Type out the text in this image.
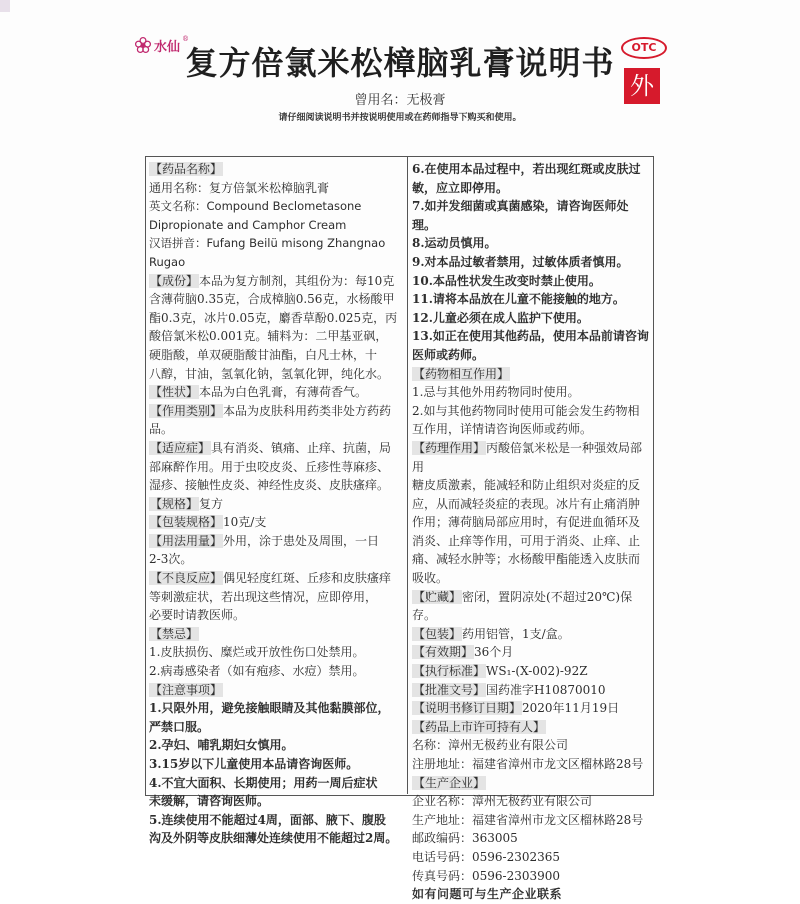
水仙
®
复方倍氯米松樟脑乳膏说明书	OTC
外
曾用名：无极膏
请仔细阅读说明书并按说明使用或在药师指导下购买和使用。

【药品名称】

通用名称：复方倍氯米松樟脑乳膏

英文名称：Compound Beclometasone

Dipropionate and Camphor Cream

汉语拼音：Fufang Beilü misong Zhangnao

Rugao

【成份】本品为复方制剂，其组份为：每10克

含薄荷脑0.35克，合成樟脑0.56克，水杨酸甲

酯0.3克，冰片0.05克，麝香草酚0.025克，丙

酸倍氯米松0.001克。辅料为：二甲基亚砜，

硬脂酸，单双硬脂酸甘油酯，白凡士林，十

八醇，甘油，氢氧化钠，氢氧化钾，纯化水。

【性状】本品为白色乳膏，有薄荷香气。

【作用类别】本品为皮肤科用药类非处方药药品。

【适应症】具有消炎、镇痛、止痒、抗菌，局

部麻醉作用。用于虫咬皮炎、丘疹性荨麻疹、

湿疹、接触性皮炎、神经性皮炎、皮肤瘙痒。

【规格】复方

【包装规格】10克/支

【用法用量】外用，涂于患处及周围，一日

2-3次。

【不良反应】偶见轻度红斑、丘疹和皮肤瘙痒

等刺激症状，若出现这些情况，应即停用，

必要时请教医师。

【禁忌】

1.皮肤损伤、糜烂或开放性伤口处禁用。

2.病毒感染者（如有疱疹、水痘）禁用。

【注意事项】

1.只限外用，避免接触眼睛及其他黏膜部位，

严禁口服。

2.孕妇、哺乳期妇女慎用。

3.15岁以下儿童使用本品请咨询医师。

4.不宜大面积、长期使用；用药一周后症状

未缓解，请咨询医师。

5.连续使用不能超过4周，面部、腋下、腹股

沟及外阴等皮肤细薄处连续使用不能超过2周。

6.在使用本品过程中，若出现红斑或皮肤过

敏，应立即停用。

7.如并发细菌或真菌感染，请咨询医师处理。

8.运动员慎用。

9.对本品过敏者禁用，过敏体质者慎用。

10.本品性状发生改变时禁止使用。

11.请将本品放在儿童不能接触的地方。

12.儿童必须在成人监护下使用。

13.如正在使用其他药品，使用本品前请咨询

医师或药师。

【药物相互作用】

1.忌与其他外用药物同时使用。

2.如与其他药物同时使用可能会发生药物相

互作用，详情请咨询医师或药师。

【药理作用】丙酸倍氯米松是一种强效局部用

糖皮质激素，能减轻和防止组织对炎症的反

应，从而减轻炎症的表现。冰片有止痛消肿

作用；薄荷脑局部应用时，有促进血循环及

消炎、止痒等作用，可用于消炎、止痒、止

痛、减轻水肿等；水杨酸甲酯能透入皮肤而

吸收。

【贮藏】密闭，置阴凉处(不超过20℃)保存。

【包装】药用铝管，1支/盒。

【有效期】36个月

【执行标准】WS₁-(X-002)-92Z

【批准文号】国药准字H10870010

【说明书修订日期】2020年11月19日

【药品上市许可持有人】

名称：漳州无极药业有限公司

注册地址：福建省漳州市龙文区榴林路28号

【生产企业】

企业名称：漳州无极药业有限公司

生产地址：福建省漳州市龙文区榴林路28号

邮政编码：363005

电话号码：0596-2302365

传真号码：0596-2303900

如有问题可与生产企业联系
